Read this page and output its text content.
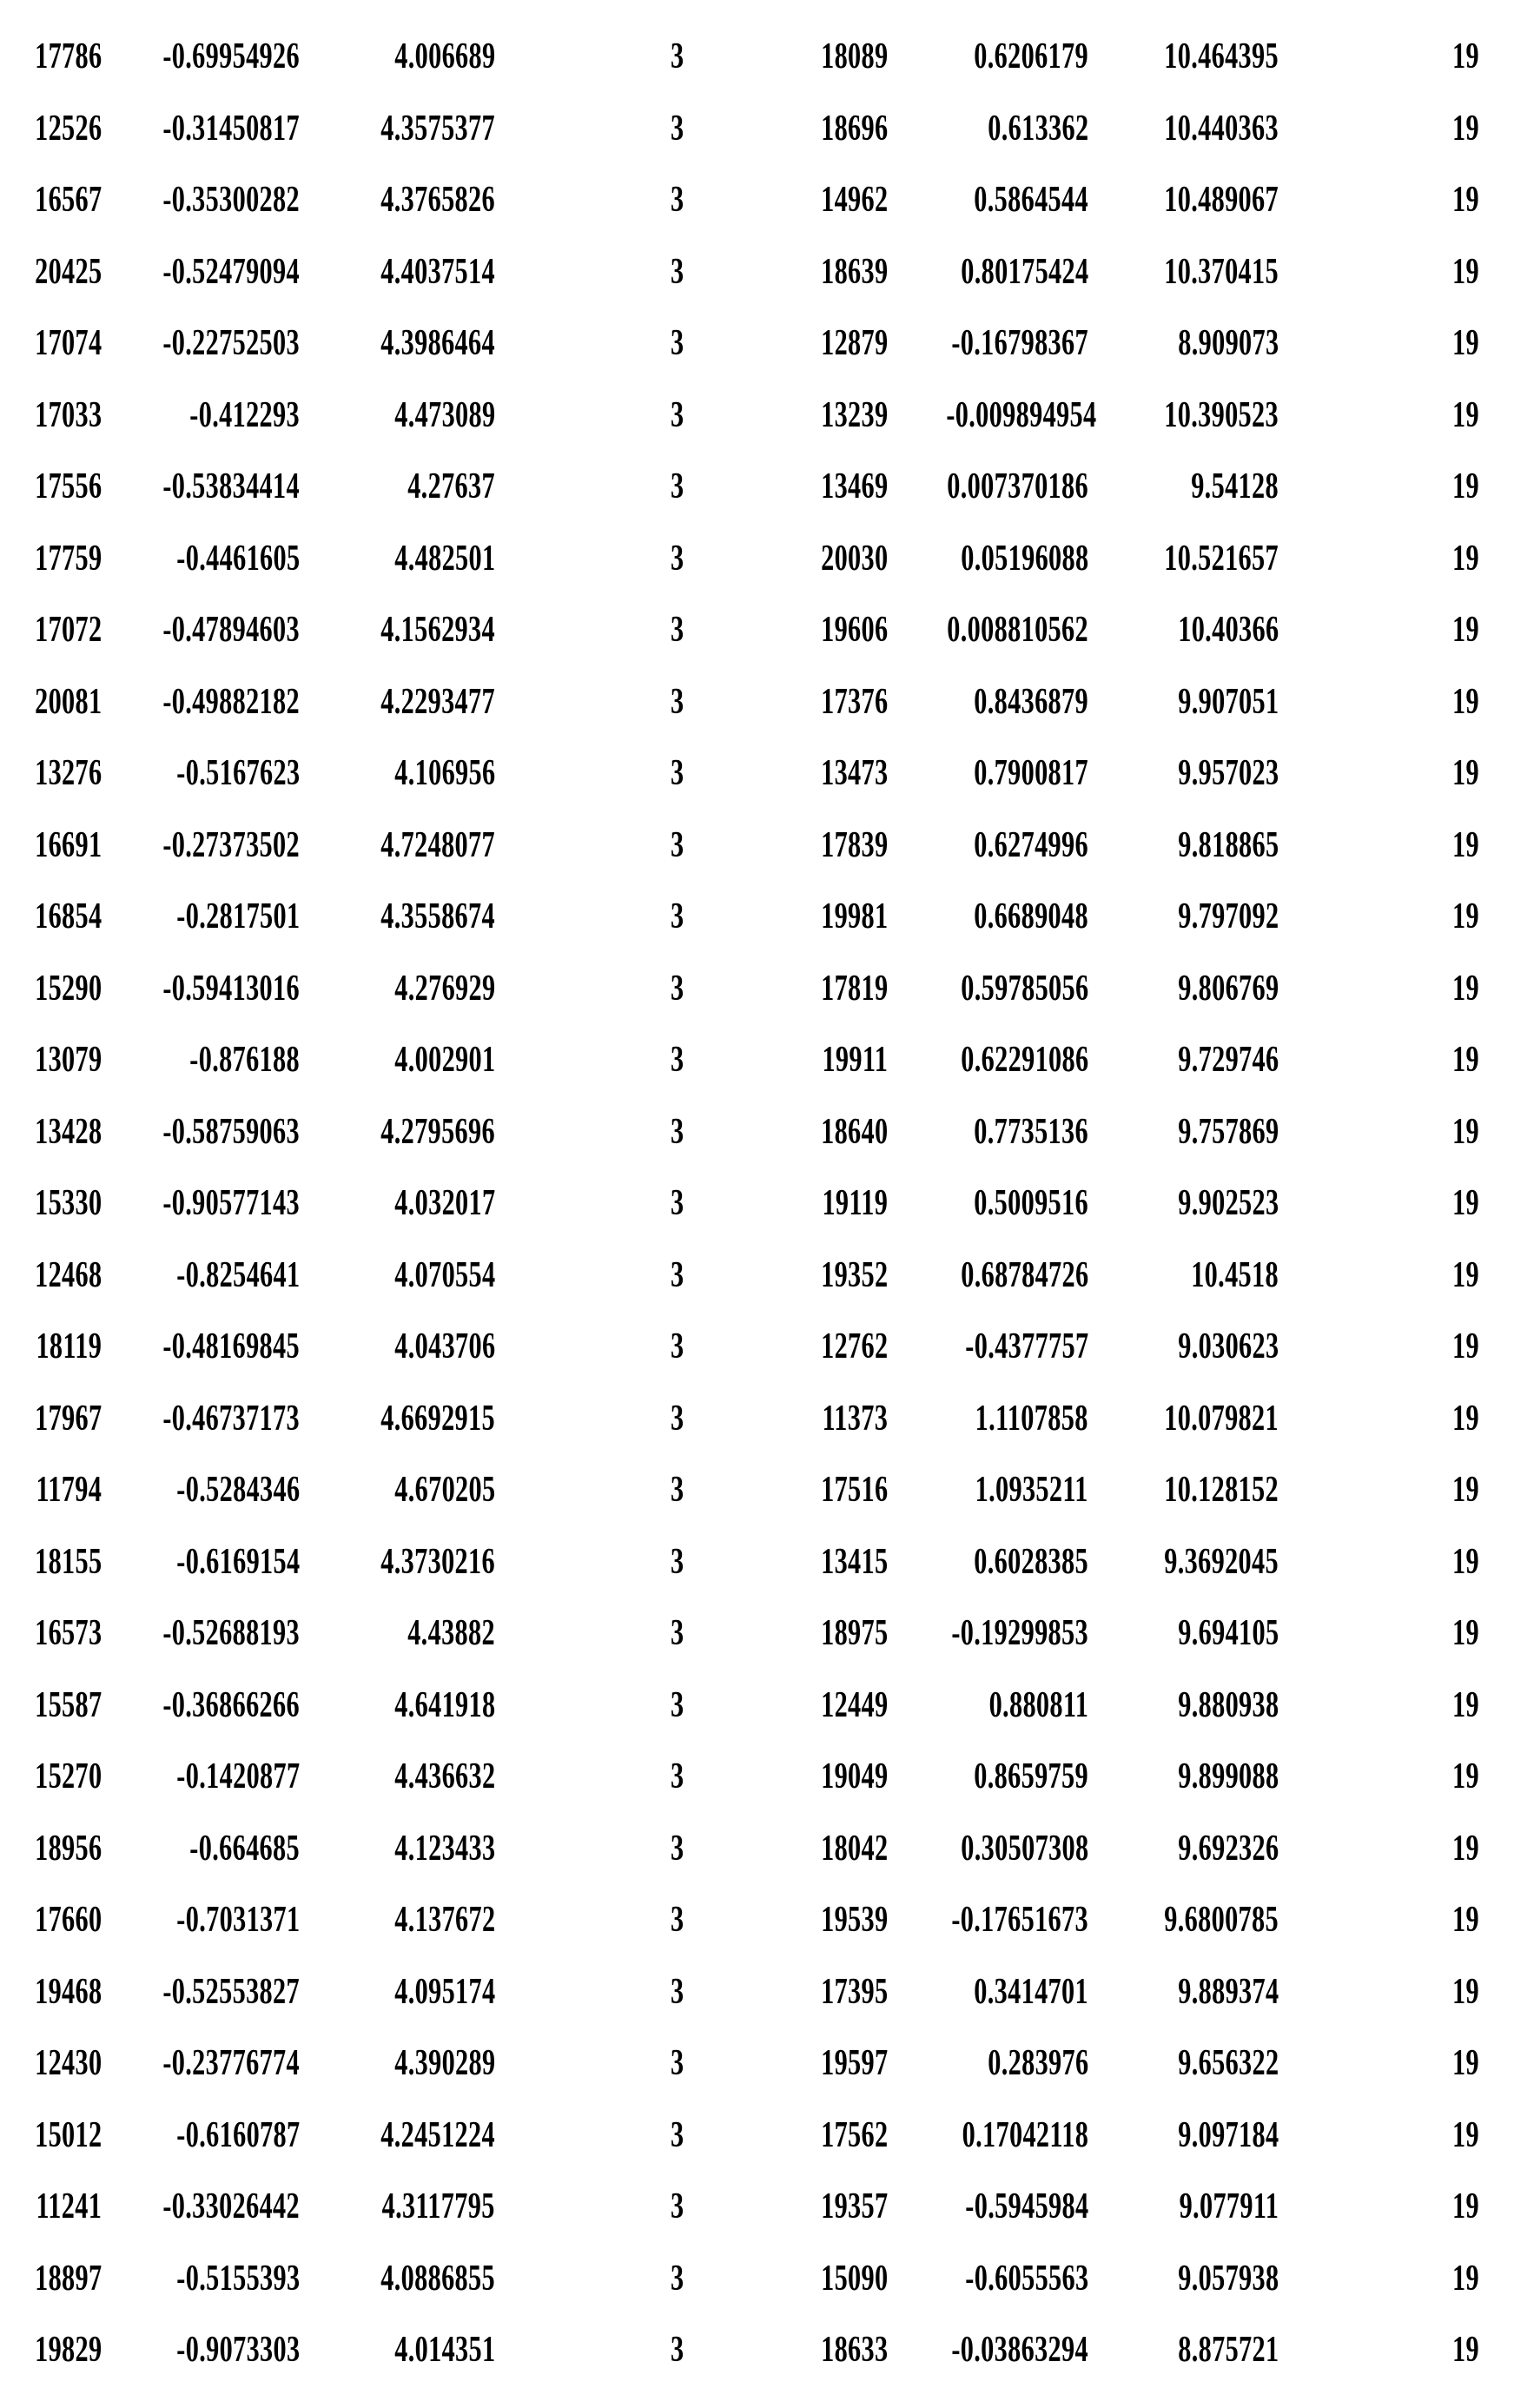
17786	-0.69954926	4.006689	3	18089	0.6206179	10.464395	19	
12526	-0.31450817	4.3575377	3	18696	0.613362	10.440363	19	
16567	-0.35300282	4.3765826	3	14962	0.5864544	10.489067	19	
20425	-0.52479094	4.4037514	3	18639	0.80175424	10.370415	19	
17074	-0.22752503	4.3986464	3	12879	-0.16798367	8.909073	19	
17033	-0.412293	4.473089	3	13239	-0.009894954	10.390523	19	
17556	-0.53834414	4.27637	3	13469	0.007370186	9.54128	19	
17759	-0.4461605	4.482501	3	20030	0.05196088	10.521657	19	
17072	-0.47894603	4.1562934	3	19606	0.008810562	10.40366	19	
20081	-0.49882182	4.2293477	3	17376	0.8436879	9.907051	19	
13276	-0.5167623	4.106956	3	13473	0.7900817	9.957023	19	
16691	-0.27373502	4.7248077	3	17839	0.6274996	9.818865	19	
16854	-0.2817501	4.3558674	3	19981	0.6689048	9.797092	19	
15290	-0.59413016	4.276929	3	17819	0.59785056	9.806769	19	
13079	-0.876188	4.002901	3	19911	0.62291086	9.729746	19	
13428	-0.58759063	4.2795696	3	18640	0.7735136	9.757869	19	
15330	-0.90577143	4.032017	3	19119	0.5009516	9.902523	19	
12468	-0.8254641	4.070554	3	19352	0.68784726	10.4518	19	
18119	-0.48169845	4.043706	3	12762	-0.4377757	9.030623	19	
17967	-0.46737173	4.6692915	3	11373	1.1107858	10.079821	19	
11794	-0.5284346	4.670205	3	17516	1.0935211	10.128152	19	
18155	-0.6169154	4.3730216	3	13415	0.6028385	9.3692045	19	
16573	-0.52688193	4.43882	3	18975	-0.19299853	9.694105	19	
15587	-0.36866266	4.641918	3	12449	0.880811	9.880938	19	
15270	-0.1420877	4.436632	3	19049	0.8659759	9.899088	19	
18956	-0.664685	4.123433	3	18042	0.30507308	9.692326	19	
17660	-0.7031371	4.137672	3	19539	-0.17651673	9.6800785	19	
19468	-0.52553827	4.095174	3	17395	0.3414701	9.889374	19	
12430	-0.23776774	4.390289	3	19597	0.283976	9.656322	19	
15012	-0.6160787	4.2451224	3	17562	0.17042118	9.097184	19	
11241	-0.33026442	4.3117795	3	19357	-0.5945984	9.077911	19	
18897	-0.5155393	4.0886855	3	15090	-0.6055563	9.057938	19	
19829	-0.9073303	4.014351	3	18633	-0.03863294	8.875721	19	
